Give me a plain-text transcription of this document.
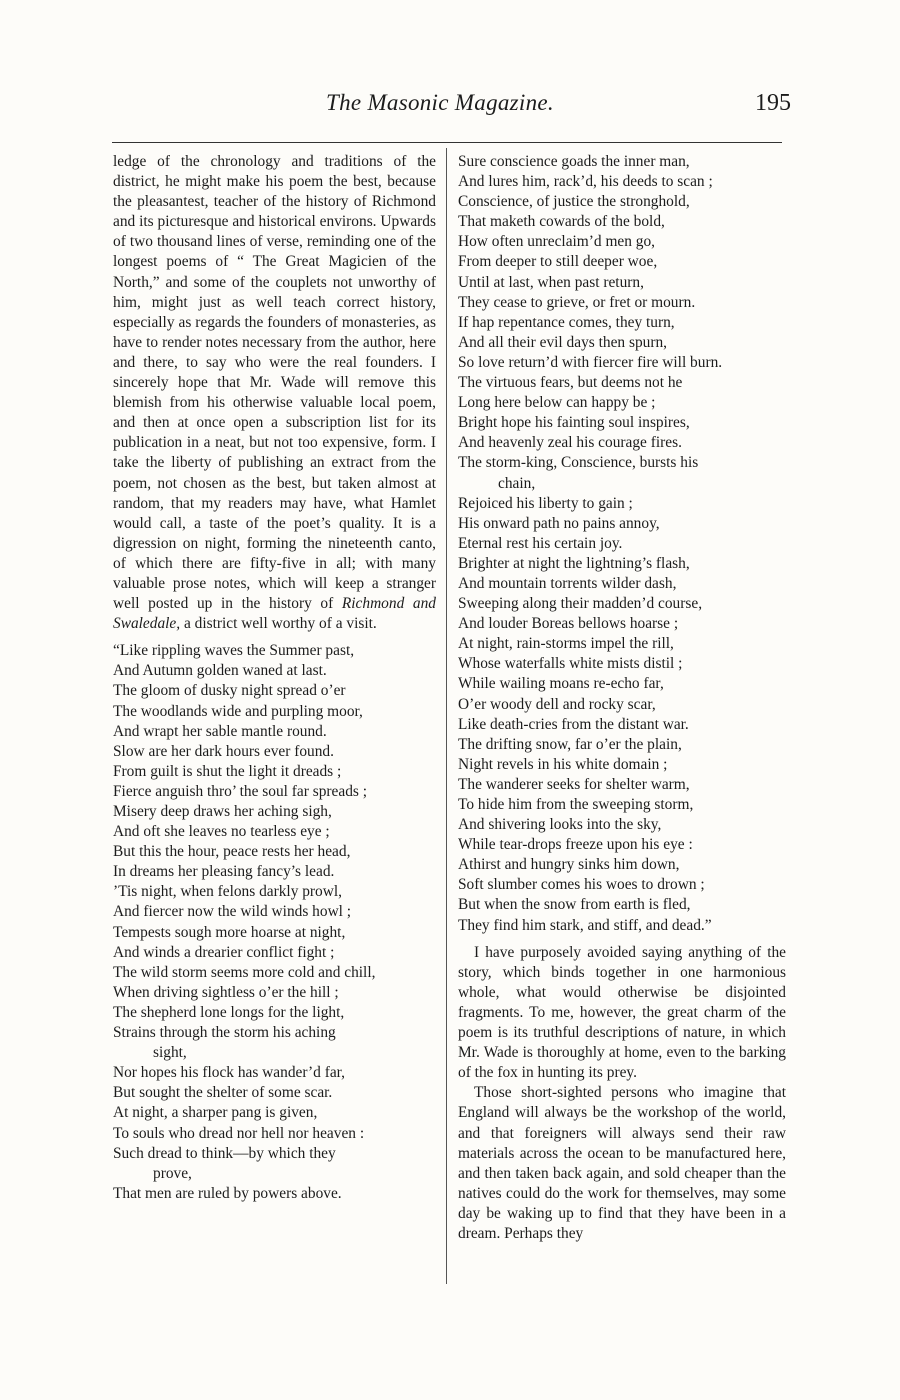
The Masonic Magazine.	195

ledge of the chronology and traditions of the district, he might make his poem the best, because the pleasantest, teacher of the history of Richmond and its picturesque and historical environs. Upwards of two thousand lines of verse, reminding one of the longest poems of “ The Great Magicien of the North,” and some of the couplets not unworthy of him, might just as well teach correct history, especially as regards the founders of monasteries, as have to render notes necessary from the author, here and there, to say who were the real founders. I sincerely hope that Mr. Wade will remove this blemish from his otherwise valuable local poem, and then at once open a subscription list for its publication in a neat, but not too expensive, form. I take the liberty of publishing an extract from the poem, not chosen as the best, but taken almost at random, that my readers may have, what Hamlet would call, a taste of the poet’s quality. It is a digression on night, forming the nineteenth canto, of which there are fifty-five in all; with many valuable prose notes, which will keep a stranger well posted up in the history of Richmond and Swaledale, a district well worthy of a visit.

“Like rippling waves the Summer past,
And Autumn golden waned at last.
The gloom of dusky night spread o’er
The woodlands wide and purpling moor,
And wrapt her sable mantle round.
Slow are her dark hours ever found.
From guilt is shut the light it dreads ;
Fierce anguish thro’ the soul far spreads ;
Misery deep draws her aching sigh,
And oft she leaves no tearless eye ;
But this the hour, peace rests her head,
In dreams her pleasing fancy’s lead.
’Tis night, when felons darkly prowl,
And fiercer now the wild winds howl ;
Tempests sough more hoarse at night,
And winds a drearier conflict fight ;
The wild storm seems more cold and chill,
When driving sightless o’er the hill ;
The shepherd lone longs for the light,
Strains through the storm his aching
sight,
Nor hopes his flock has wander’d far,
But sought the shelter of some scar.
At night, a sharper pang is given,
To souls who dread nor hell nor heaven :
Such dread to think—by which they
prove,
That men are ruled by powers above.
Sure conscience goads the inner man,
And lures him, rack’d, his deeds to scan ;
Conscience, of justice the stronghold,
That maketh cowards of the bold,
How often unreclaim’d men go,
From deeper to still deeper woe,
Until at last, when past return,
They cease to grieve, or fret or mourn.
If hap repentance comes, they turn,
And all their evil days then spurn,
So love return’d with fiercer fire will burn.
The virtuous fears, but deems not he
Long here below can happy be ;
Bright hope his fainting soul inspires,
And heavenly zeal his courage fires.
The storm-king, Conscience, bursts his
chain,
Rejoiced his liberty to gain ;
His onward path no pains annoy,
Eternal rest his certain joy.
Brighter at night the lightning’s flash,
And mountain torrents wilder dash,
Sweeping along their madden’d course,
And louder Boreas bellows hoarse ;
At night, rain-storms impel the rill,
Whose waterfalls white mists distil ;
While wailing moans re-echo far,
O’er woody dell and rocky scar,
Like death-cries from the distant war.
The drifting snow, far o’er the plain,
Night revels in his white domain ;
The wanderer seeks for shelter warm,
To hide him from the sweeping storm,
And shivering looks into the sky,
While tear-drops freeze upon his eye :
Athirst and hungry sinks him down,
Soft slumber comes his woes to drown ;
But when the snow from earth is fled,
They find him stark, and stiff, and dead.”

I have purposely avoided saying anything of the story, which binds together in one harmonious whole, what would otherwise be disjointed fragments. To me, however, the great charm of the poem is its truthful descriptions of nature, in which Mr. Wade is thoroughly at home, even to the barking of the fox in hunting its prey.

Those short-sighted persons who imagine that England will always be the workshop of the world, and that foreigners will always send their raw materials across the ocean to be manufactured here, and then taken back again, and sold cheaper than the natives could do the work for themselves, may some day be waking up to find that they have been in a dream. Perhaps they
